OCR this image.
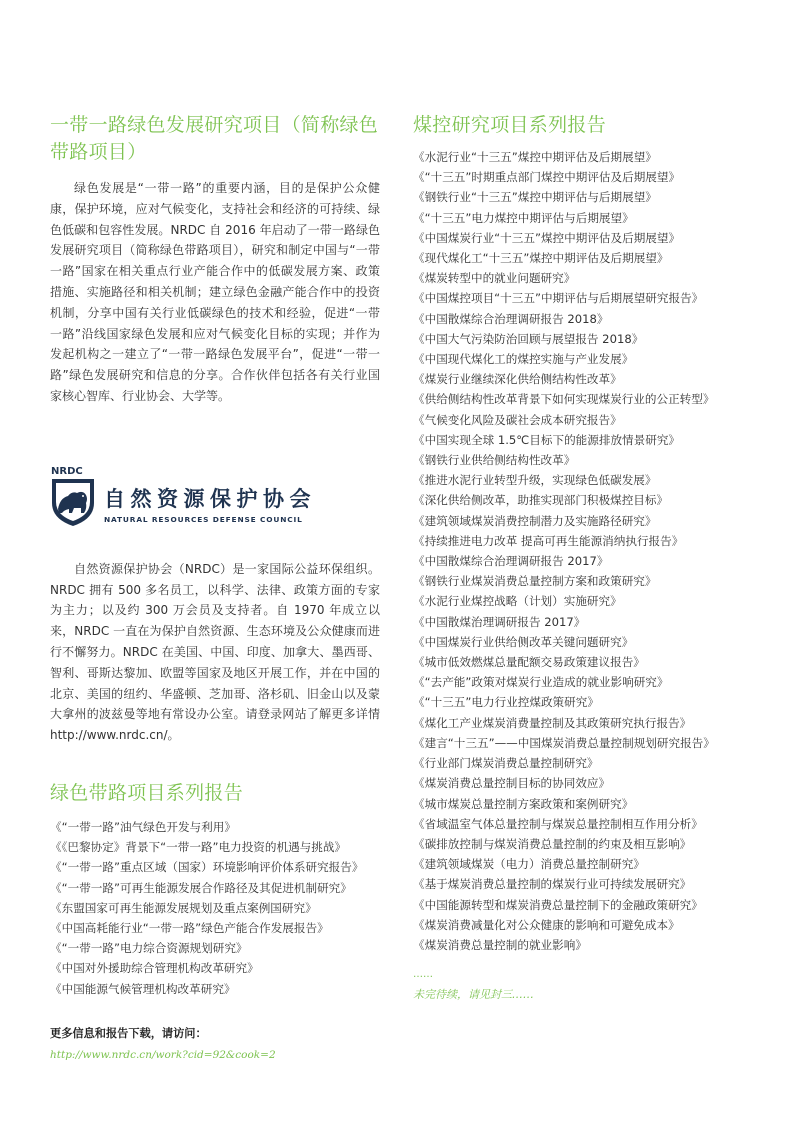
一带一路绿色发展研究项目（简称绿色带路项目）

绿色发展是“一带一路”的重要内涵，目的是保护公众健康，保护环境，应对气候变化，支持社会和经济的可持续、绿色低碳和包容性发展。NRDC 自 2016 年启动了一带一路绿色发展研究项目（简称绿色带路项目），研究和制定中国与“一带一路”国家在相关重点行业产能合作中的低碳发展方案、政策措施、实施路径和相关机制；建立绿色金融产能合作中的投资机制，分享中国有关行业低碳绿色的技术和经验，促进“一带一路”沿线国家绿色发展和应对气候变化目标的实现；并作为发起机构之一建立了“一带一路绿色发展平台”，促进“一带一路”绿色发展研究和信息的分享。合作伙伴包括各有关行业国家核心智库、行业协会、大学等。

NRDC
自然资源保护协会
NATURAL RESOURCES DEFENSE COUNCIL

自然资源保护协会（NRDC）是一家国际公益环保组织。NRDC 拥有 500 多名员工，以科学、法律、政策方面的专家为主力；以及约 300 万会员及支持者。自 1970 年成立以来，NRDC 一直在为保护自然资源、生态环境及公众健康而进行不懈努力。NRDC 在美国、中国、印度、加拿大、墨西哥、智利、哥斯达黎加、欧盟等国家及地区开展工作，并在中国的北京、美国的纽约、华盛顿、芝加哥、洛杉矶、旧金山以及蒙大拿州的波兹曼等地有常设办公室。请登录网站了解更多详情 http://www.nrdc.cn/。

绿色带路项目系列报告
《“一带一路”油气绿色开发与利用》
《《巴黎协定》背景下“一带一路”电力投资的机遇与挑战》
《“一带一路”重点区域（国家）环境影响评价体系研究报告》
《“一带一路”可再生能源发展合作路径及其促进机制研究》
《东盟国家可再生能源发展规划及重点案例国研究》
《中国高耗能行业“一带一路”绿色产能合作发展报告》
《“一带一路”电力综合资源规划研究》
《中国对外援助综合管理机构改革研究》
《中国能源气候管理机构改革研究》
更多信息和报告下载，请访问：
http://www.nrdc.cn/work?cid=92&cook=2
煤控研究项目系列报告
《水泥行业“十三五”煤控中期评估及后期展望》
《“十三五”时期重点部门煤控中期评估及后期展望》
《钢铁行业“十三五”煤控中期评估与后期展望》
《“十三五”电力煤控中期评估与后期展望》
《中国煤炭行业“十三五”煤控中期评估及后期展望》
《现代煤化工“十三五”煤控中期评估及后期展望》
《煤炭转型中的就业问题研究》
《中国煤控项目“十三五”中期评估与后期展望研究报告》
《中国散煤综合治理调研报告 2018》
《中国大气污染防治回顾与展望报告 2018》
《中国现代煤化工的煤控实施与产业发展》
《煤炭行业继续深化供给侧结构性改革》
《供给侧结构性改革背景下如何实现煤炭行业的公正转型》
《气候变化风险及碳社会成本研究报告》
《中国实现全球 1.5℃目标下的能源排放情景研究》
《钢铁行业供给侧结构性改革》
《推进水泥行业转型升级，实现绿色低碳发展》
《深化供给侧改革，助推实现部门积极煤控目标》
《建筑领域煤炭消费控制潜力及实施路径研究》
《持续推进电力改革 提高可再生能源消纳执行报告》
《中国散煤综合治理调研报告 2017》
《钢铁行业煤炭消费总量控制方案和政策研究》
《水泥行业煤控战略（计划）实施研究》
《中国散煤治理调研报告 2017》
《中国煤炭行业供给侧改革关键问题研究》
《城市低效燃煤总量配额交易政策建议报告》
《“去产能”政策对煤炭行业造成的就业影响研究》
《“十三五”电力行业控煤政策研究》
《煤化工产业煤炭消费量控制及其政策研究执行报告》
《建言“十三五”——中国煤炭消费总量控制规划研究报告》
《行业部门煤炭消费总量控制研究》
《煤炭消费总量控制目标的协同效应》
《城市煤炭总量控制方案政策和案例研究》
《省域温室气体总量控制与煤炭总量控制相互作用分析》
《碳排放控制与煤炭消费总量控制的约束及相互影响》
《建筑领域煤炭（电力）消费总量控制研究》
《基于煤炭消费总量控制的煤炭行业可持续发展研究》
《中国能源转型和煤炭消费总量控制下的金融政策研究》
《煤炭消费减量化对公众健康的影响和可避免成本》
《煤炭消费总量控制的就业影响》
……
未完待续，请见封三……
